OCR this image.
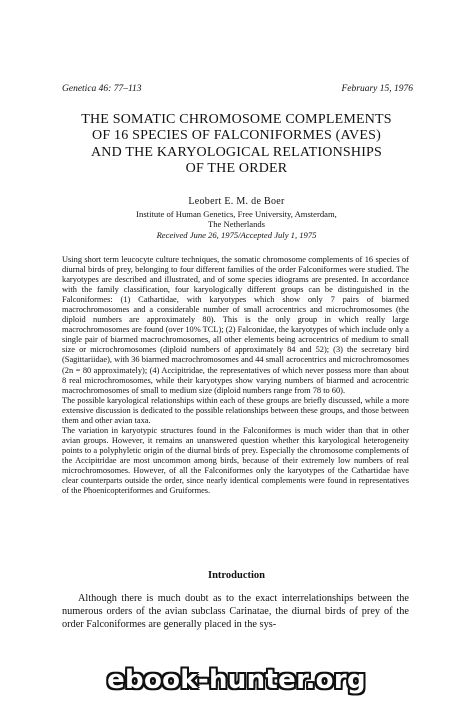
Genetica 46: 77–113	February 15, 1976
THE SOMATIC CHROMOSOME COMPLEMENTS
OF 16 SPECIES OF FALCONIFORMES (AVES)
AND THE KARYOLOGICAL RELATIONSHIPS
OF THE ORDER
Leobert E. M. de Boer
Institute of Human Genetics, Free University, Amsterdam,
The Netherlands
Received June 26, 1975/Accepted July 1, 1975

Using short term leucocyte culture techniques, the somatic chromosome complements of 16 species of diurnal birds of prey, belonging to four different families of the order Falconiformes were studied. The karyotypes are described and illustrated, and of some species idiograms are presented. In accordance with the family classification, four karyologically different groups can be distinguished in the Falconiformes: (1) Cathartidae, with karyotypes which show only 7 pairs of biarmed macrochromosomes and a considerable number of small acrocentrics and microchromosomes (the diploid numbers are approximately 80). This is the only group in which really large macrochromosomes are found (over 10% TCL); (2) Falconidae, the karyotypes of which include only a single pair of biarmed macrochromosomes, all other elements being acrocentrics of medium to small size or microchromosomes (diploid numbers of approximately 84 and 52); (3) the secretary bird (Sagittariidae), with 36 biarmed macrochromosomes and 44 small acrocentrics and microchromosomes (2n = 80 approximately); (4) Accipitridae, the representatives of which never possess more than about 8 real microchromosomes, while their karyotypes show varying numbers of biarmed and acrocentric macrochromosomes of small to medium size (diploid numbers range from 78 to 60).

The possible karyological relationships within each of these groups are briefly discussed, while a more extensive discussion is dedicated to the possible relationships between these groups, and those between them and other avian taxa.

The variation in karyotypic structures found in the Falconiformes is much wider than that in other avian groups. However, it remains an unanswered question whether this karyological heterogeneity points to a polyphyletic origin of the diurnal birds of prey. Especially the chromosome complements of the Accipitridae are most uncommon among birds, because of their extremely low numbers of real microchromosomes. However, of all the Falconiformes only the karyotypes of the Cathartidae have clear counterparts outside the order, since nearly identical complements were found in representatives of the Phoenicopteriformes and Gruiformes.

Introduction

Although there is much doubt as to the exact interrelationships between the numerous orders of the avian subclass Carinatae, the diurnal birds of prey of the order Falconiformes are generally placed in the sys-

ebook-hunter.org
